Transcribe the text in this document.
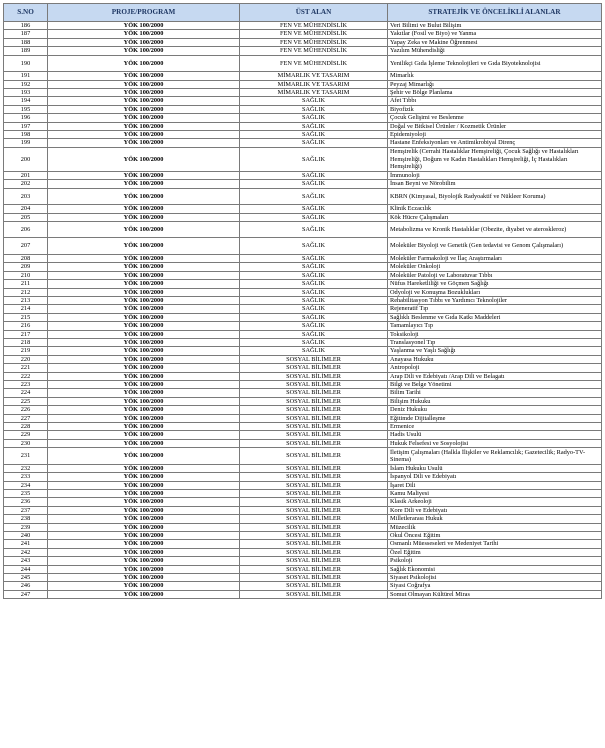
S.NO	PROJE/PROGRAM	ÜST ALAN	STRATEJİK VE ÖNCELİKLİ ALANLAR
186	YÖK 100/2000	FEN VE MÜHENDİSLİK	Veri Bilimi ve Bulut Bilişim
187	YÖK 100/2000	FEN VE MÜHENDİSLİK	Yakıtlar (Fosil ve Biyo) ve Yanma
188	YÖK 100/2000	FEN VE MÜHENDİSLİK	Yapay Zeka ve Makine Öğrenmesi
189	YÖK 100/2000	FEN VE MÜHENDİSLİK	Yazılım Mühendisliği
190	YÖK 100/2000	FEN VE MÜHENDİSLİK	Yenilikçi Gıda İşleme Teknolojileri ve Gıda Biyoteknolojisi
191	YÖK 100/2000	MİMARLIK VE TASARIM	Mimarlık
192	YÖK 100/2000	MİMARLIK VE TASARIM	Peyzaj Mimarlığı
193	YÖK 100/2000	MİMARLIK VE TASARIM	Şehir ve Bölge Planlama
194	YÖK 100/2000	SAĞLIK	Afet Tıbbı
195	YÖK 100/2000	SAĞLIK	Biyofizik
196	YÖK 100/2000	SAĞLIK	Çocuk Gelişimi ve Beslenme
197	YÖK 100/2000	SAĞLIK	Doğal ve Bitkisel Ürünler / Kozmetik Ürünler
198	YÖK 100/2000	SAĞLIK	Epidemiyoloji
199	YÖK 100/2000	SAĞLIK	Hastane Enfeksiyonları ve Antimikrobiyal Direnç
200	YÖK 100/2000	SAĞLIK	Hemşirelik (Cerrahi Hastalıklar Hemşireliği, Çocuk Sağlığı ve Hastalıkları Hemşireliği, Doğum ve Kadın Hastalıkları Hemşireliği, İç Hastalıkları Hemşireliği)
201	YÖK 100/2000	SAĞLIK	İmmunoloji
202	YÖK 100/2000	SAĞLIK	İnsan Beyni ve Nörobilim
203	YÖK 100/2000	SAĞLIK	KBRN (Kimyasal, Biyolojik Radyoaktif ve Nükleer Koruma)
204	YÖK 100/2000	SAĞLIK	Klinik Eczacılık
205	YÖK 100/2000	SAĞLIK	Kök Hücre Çalışmaları
206	YÖK 100/2000	SAĞLIK	Metabolizma ve Kronik Hastalıklar (Obezite, diyabet ve ateroskleroz)
207	YÖK 100/2000	SAĞLIK	Moleküler Biyoloji ve Genetik (Gen tedavisi ve Genom Çalışmaları)
208	YÖK 100/2000	SAĞLIK	Moleküler Farmakoloji ve İlaç Araştırmaları
209	YÖK 100/2000	SAĞLIK	Moleküler Onkoloji
210	YÖK 100/2000	SAĞLIK	Moleküler Patoloji ve Laboratuvar Tıbbı
211	YÖK 100/2000	SAĞLIK	Nüfus Hareketliliği ve Göçmen Sağlığı
212	YÖK 100/2000	SAĞLIK	Odyoloji ve Konuşma Bozuklukları
213	YÖK 100/2000	SAĞLIK	Rehabilitasyon Tıbbı ve Yardımcı Teknolojiler
214	YÖK 100/2000	SAĞLIK	Rejeneratif Tıp
215	YÖK 100/2000	SAĞLIK	Sağlıklı Beslenme ve Gıda Katkı Maddeleri
216	YÖK 100/2000	SAĞLIK	Tamamlayıcı Tıp
217	YÖK 100/2000	SAĞLIK	Toksikoloji
218	YÖK 100/2000	SAĞLIK	Translasyonel Tıp
219	YÖK 100/2000	SAĞLIK	Yaşlanma ve Yaşlı Sağlığı
220	YÖK 100/2000	SOSYAL BİLİMLER	Anayasa Hukuku
221	YÖK 100/2000	SOSYAL BİLİMLER	Antropoloji
222	YÖK 100/2000	SOSYAL BİLİMLER	Arap Dili ve Edebiyatı /Arap Dili ve Belagatı
223	YÖK 100/2000	SOSYAL BİLİMLER	Bilgi ve Belge Yönetimi
224	YÖK 100/2000	SOSYAL BİLİMLER	Bilim Tarihi
225	YÖK 100/2000	SOSYAL BİLİMLER	Bilişim Hukuku
226	YÖK 100/2000	SOSYAL BİLİMLER	Deniz Hukuku
227	YÖK 100/2000	SOSYAL BİLİMLER	Eğitimde Dijitalleşme
228	YÖK 100/2000	SOSYAL BİLİMLER	Ermenice
229	YÖK 100/2000	SOSYAL BİLİMLER	Hadis Usulü
230	YÖK 100/2000	SOSYAL BİLİMLER	Hukuk Felsefesi ve Sosyolojisi
231	YÖK 100/2000	SOSYAL BİLİMLER	İletişim Çalışmaları (Halkla İlişkiler ve Reklamcılık; Gazetecilik; Radyo-TV-Sinema)
232	YÖK 100/2000	SOSYAL BİLİMLER	İslam Hukuku Usulü
233	YÖK 100/2000	SOSYAL BİLİMLER	İspanyol Dili ve Edebiyatı
234	YÖK 100/2000	SOSYAL BİLİMLER	İşaret Dili
235	YÖK 100/2000	SOSYAL BİLİMLER	Kamu Maliyesi
236	YÖK 100/2000	SOSYAL BİLİMLER	Klasik Arkeoloji
237	YÖK 100/2000	SOSYAL BİLİMLER	Kore Dili ve Edebiyatı
238	YÖK 100/2000	SOSYAL BİLİMLER	Milletlerarası Hukuk
239	YÖK 100/2000	SOSYAL BİLİMLER	Müzecilik
240	YÖK 100/2000	SOSYAL BİLİMLER	Okul Öncesi Eğitim
241	YÖK 100/2000	SOSYAL BİLİMLER	Osmanlı Müesseseleri ve Medeniyet Tarihi
242	YÖK 100/2000	SOSYAL BİLİMLER	Özel Eğitim
243	YÖK 100/2000	SOSYAL BİLİMLER	Psikoloji
244	YÖK 100/2000	SOSYAL BİLİMLER	Sağlık Ekonomisi
245	YÖK 100/2000	SOSYAL BİLİMLER	Siyaset Psikolojisi
246	YÖK 100/2000	SOSYAL BİLİMLER	Siyasi Coğrafya
247	YÖK 100/2000	SOSYAL BİLİMLER	Somut Olmayan Kültürel Miras
